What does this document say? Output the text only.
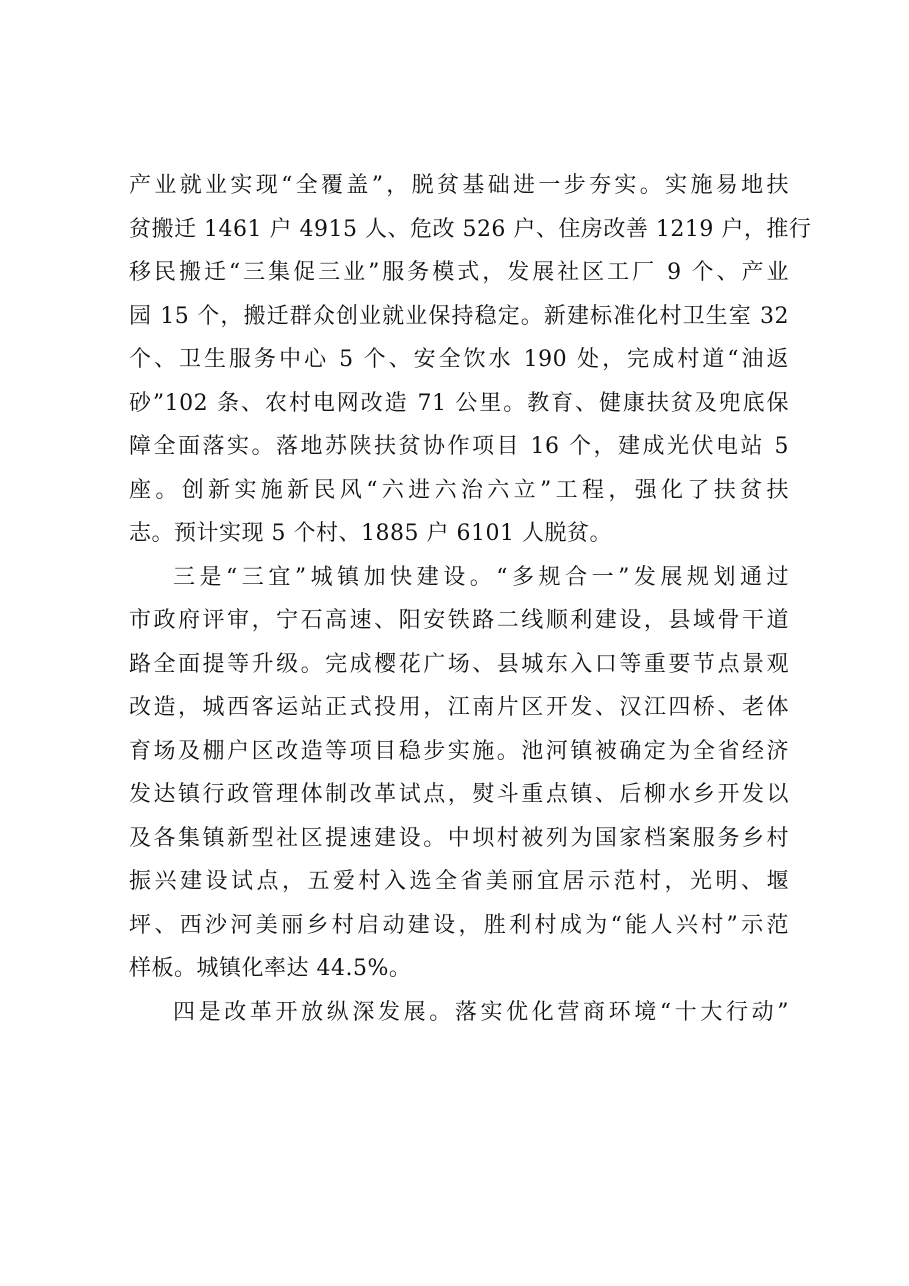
产业就业实现“全覆盖”，脱贫基础进一步夯实。实施易地扶
贫搬迁 1461 户 4915 人、危改 526 户、住房改善 1219 户，推行
移民搬迁“三集促三业”服务模式，发展社区工厂 9 个、产业
园 15 个，搬迁群众创业就业保持稳定。新建标准化村卫生室 32
个、卫生服务中心 5 个、安全饮水 190 处，完成村道“油返
砂”102 条、农村电网改造 71 公里。教育、健康扶贫及兜底保
障全面落实。落地苏陕扶贫协作项目 16 个，建成光伏电站 5
座。创新实施新民风“六进六治六立”工程，强化了扶贫扶
志。预计实现 5 个村、1885 户 6101 人脱贫。
三是“三宜”城镇加快建设。“多规合一”发展规划通过
市政府评审，宁石高速、阳安铁路二线顺利建设，县域骨干道
路全面提等升级。完成樱花广场、县城东入口等重要节点景观
改造，城西客运站正式投用，江南片区开发、汉江四桥、老体
育场及棚户区改造等项目稳步实施。池河镇被确定为全省经济
发达镇行政管理体制改革试点，熨斗重点镇、后柳水乡开发以
及各集镇新型社区提速建设。中坝村被列为国家档案服务乡村
振兴建设试点，五爱村入选全省美丽宜居示范村，光明、堰
坪、西沙河美丽乡村启动建设，胜利村成为“能人兴村”示范
样板。城镇化率达 44.5%。
四是改革开放纵深发展。落实优化营商环境“十大行动”
